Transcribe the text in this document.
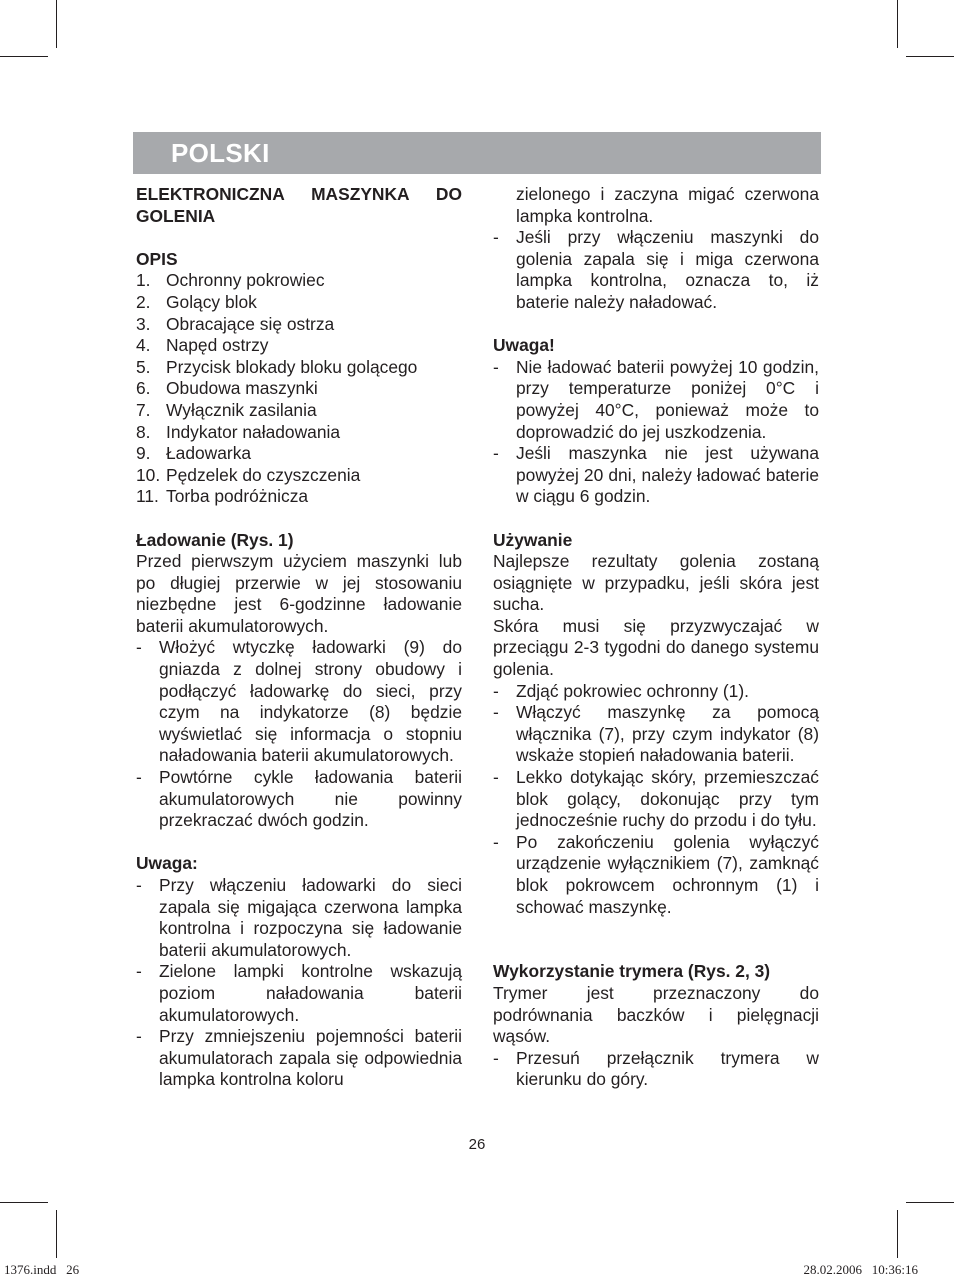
POLSKI

ELEKTRONICZNA MASZYNKA DO GOLENIA

OPIS

1. Ochronny pokrowiec
2. Golący blok
3. Obracające się ostrza
4. Napęd ostrzy
5. Przycisk blokady bloku golącego
6. Obudowa maszynki
7. Wyłącznik zasilania
8. Indykator naładowania
9. Ładowarka
10. Pędzelek do czyszczenia
11. Torba podróżnicza

Ładowanie (Rys. 1)

Przed pierwszym użyciem maszynki lub po długiej przerwie w jej stosowaniu niezbędne jest 6-godzinne ładowanie baterii akumulatorowych.

- Włożyć wtyczkę ładowarki (9) do gniazda z dolnej strony obudowy i podłączyć ładowarkę do sieci, przy czym na indykatorze (8) będzie wyświetlać się informacja o stopniu naładowania baterii akumulatorowych.
- Powtórne cykle ładowania baterii akumulatorowych nie powinny przekraczać dwóch godzin.

Uwaga:

- Przy włączeniu ładowarki do sieci zapala się migająca czerwona lampka kontrolna i rozpoczyna się ładowanie baterii akumulatorowych.
- Zielone lampki kontrolne wskazują poziom naładowania baterii akumulatorowych.
- Przy zmniejszeniu pojemności baterii akumulatorach zapala się odpowiednia lampka kontrolna koloru

zielonego i zaczyna migać czerwona lampka kontrolna.

- Jeśli przy włączeniu maszynki do golenia zapala się i miga czerwona lampka kontrolna, oznacza to, iż baterie należy naładować.

Uwaga!

- Nie ładować baterii powyżej 10 godzin, przy temperaturze poniżej 0°C i powyżej 40°C, ponieważ może to doprowadzić do jej uszkodzenia.
- Jeśli maszynka nie jest używana powyżej 20 dni, należy ładować baterie w ciągu 6 godzin.

Używanie

Najlepsze rezultaty golenia zostaną osiągnięte w przypadku, jeśli skóra jest sucha.

Skóra musi się przyzwyczajać w przeciągu 2-3 tygodni do danego systemu golenia.

- Zdjąć pokrowiec ochronny (1).
- Włączyć maszynkę za pomocą włącznika (7), przy czym indykator (8) wskaże stopień naładowania baterii.
- Lekko dotykając skóry, przemieszczać blok golący, dokonując przy tym jednocześnie ruchy do przodu i do tyłu.
- Po zakończeniu golenia wyłączyć urządzenie wyłącznikiem (7), zamknąć blok pokrowcem ochronnym (1) i schować maszynkę.

Wykorzystanie trymera (Rys. 2, 3)

Trymer jest przeznaczony do podrównania baczków i pielęgnacji wąsów.

- Przesuń przełącznik trymera w kierunku do góry.
26
1376.indd   26	28.02.2006   10:36:16
